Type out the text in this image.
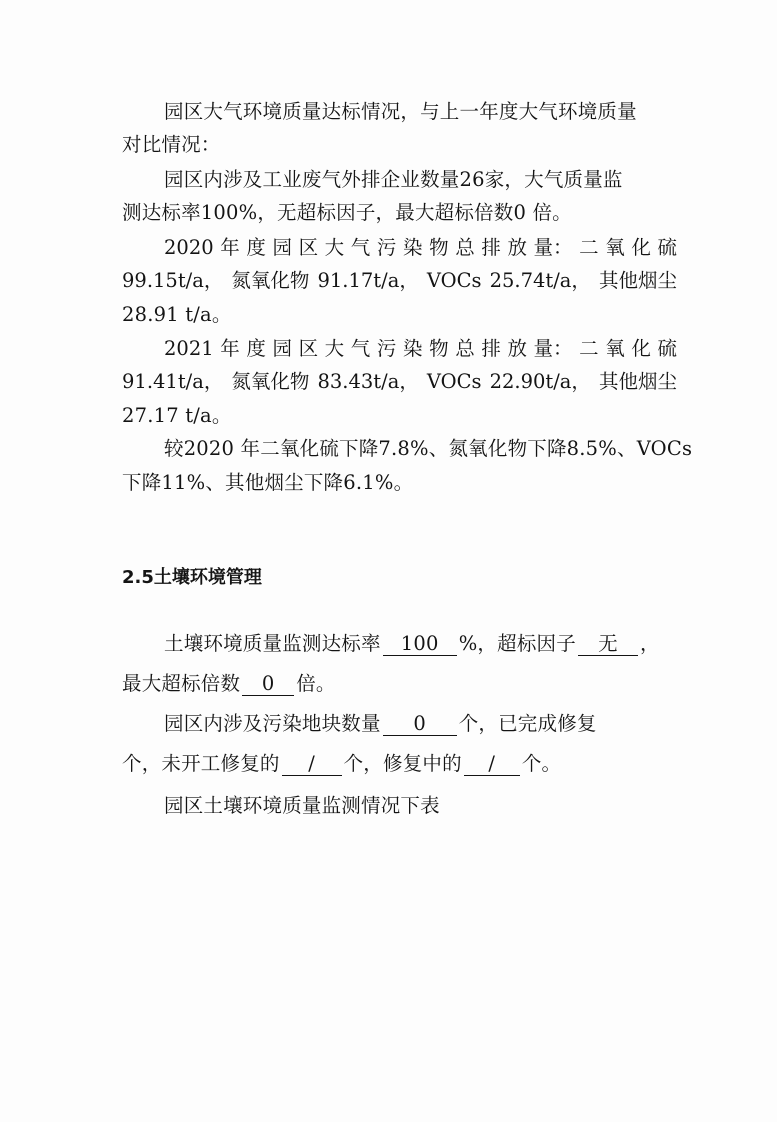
园区大气环境质量达标情况，与上一年度大气环境质量
对比情况：
园区内涉及工业废气外排企业数量26家，大气质量监
测达标率100%，无超标因子，最大超标倍数0 倍。
2020 年 度 园 区 大 气 污 染 物 总 排 放 量： 二 氧 化 硫
99.15t/a， 氮氧化物 91.17t/a， VOCs 25.74t/a， 其他烟尘
28.91 t/a。
2021 年 度 园 区 大 气 污 染 物 总 排 放 量： 二 氧 化 硫
91.41t/a， 氮氧化物 83.43t/a， VOCs 22.90t/a， 其他烟尘
27.17 t/a。
较2020 年二氧化硫下降7.8%、氮氧化物下降8.5%、VOCs
下降11%、其他烟尘下降6.1%。
2.5土壤环境管理
土壤环境质量监测达标率 100 %，超标因子 无 ，
最大超标倍数 0 倍。
园区内涉及污染地块数量 0 个，已完成修复
个，未开工修复的 / 个，修复中的 / 个。
园区土壤环境质量监测情况下表
